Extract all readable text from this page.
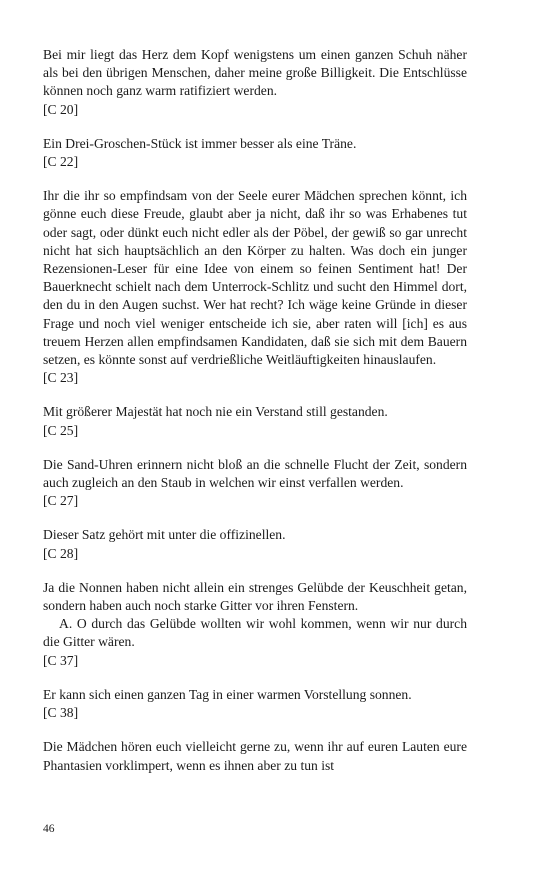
Bei mir liegt das Herz dem Kopf wenigstens um einen ganzen Schuh näher als bei den übrigen Menschen, daher meine große Billigkeit. Die Entschlüsse können noch ganz warm ratifiziert werden.

[C 20]

Ein Drei-Groschen-Stück ist immer besser als eine Träne.

[C 22]

Ihr die ihr so empfindsam von der Seele eurer Mädchen sprechen könnt, ich gönne euch diese Freude, glaubt aber ja nicht, daß ihr so was Erhabenes tut oder sagt, oder dünkt euch nicht edler als der Pöbel, der gewiß so gar unrecht nicht hat sich hauptsächlich an den Körper zu halten. Was doch ein junger Rezensionen-Leser für eine Idee von einem so feinen Sentiment hat! Der Bauerknecht schielt nach dem Unterrock-Schlitz und sucht den Himmel dort, den du in den Augen suchst. Wer hat recht? Ich wäge keine Gründe in dieser Frage und noch viel weniger entscheide ich sie, aber raten will [ich] es aus treuem Herzen allen empfindsamen Kandidaten, daß sie sich mit dem Bauern setzen, es könnte sonst auf verdrießliche Weitläuftigkeiten hinauslaufen.

[C 23]

Mit größerer Majestät hat noch nie ein Verstand still gestanden.

[C 25]

Die Sand-Uhren erinnern nicht bloß an die schnelle Flucht der Zeit, sondern auch zugleich an den Staub in welchen wir einst verfallen werden.

[C 27]

Dieser Satz gehört mit unter die offizinellen.

[C 28]

Ja die Nonnen haben nicht allein ein strenges Gelübde der Keuschheit getan, sondern haben auch noch starke Gitter vor ihren Fenstern.

A. O durch das Gelübde wollten wir wohl kommen, wenn wir nur durch die Gitter wären.

[C 37]

Er kann sich einen ganzen Tag in einer warmen Vorstellung sonnen.

[C 38]

Die Mädchen hören euch vielleicht gerne zu, wenn ihr auf euren Lauten eure Phantasien vorklimpert, wenn es ihnen aber zu tun ist

46
